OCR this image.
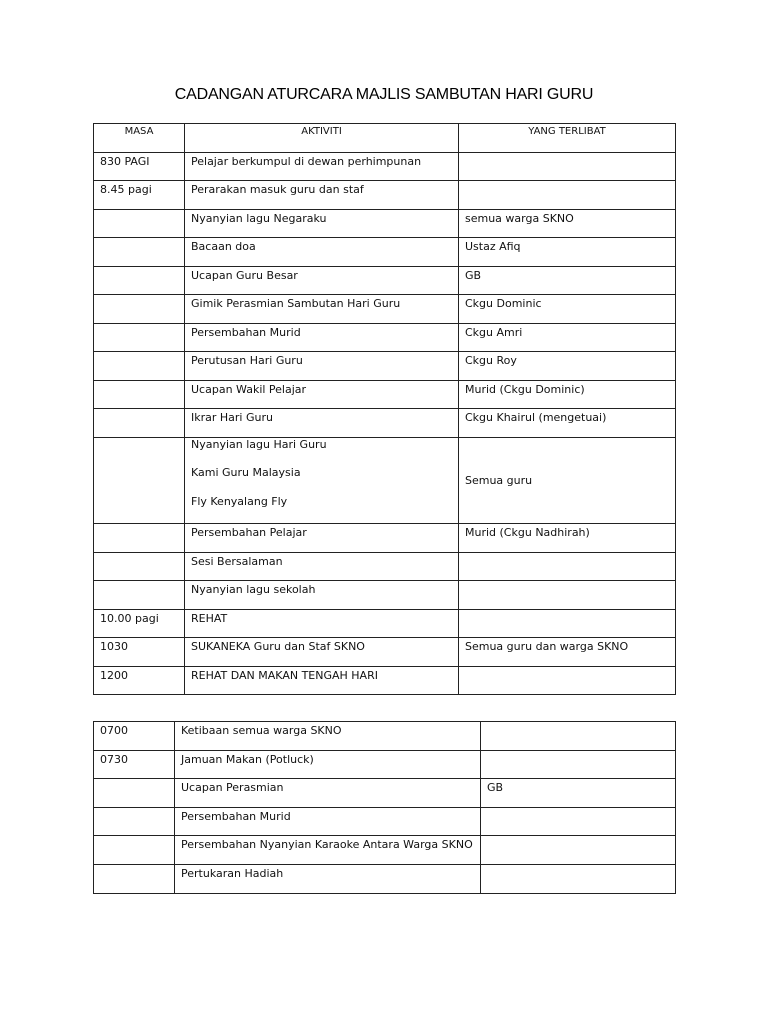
CADANGAN ATURCARA MAJLIS SAMBUTAN HARI GURU
MASA	AKTIVITI	YANG TERLIBAT
830 PAGI	Pelajar berkumpul di dewan perhimpunan	
8.45 pagi	Perarakan masuk guru dan staf	
	Nyanyian lagu Negaraku	semua warga SKNO
	Bacaan doa	Ustaz Afiq
	Ucapan Guru Besar	GB
	Gimik Perasmian Sambutan Hari Guru	Ckgu Dominic
	Persembahan Murid	Ckgu Amri
	Perutusan Hari Guru	Ckgu Roy
	Ucapan Wakil Pelajar	Murid (Ckgu Dominic)
	Ikrar Hari Guru	Ckgu Khairul (mengetuai)

	Nyanyian lagu Hari Guru
Kami Guru Malaysia
Fly Kenyalang Fly	Semua guru
	Persembahan Pelajar	Murid (Ckgu Nadhirah)
	Sesi Bersalaman	
	Nyanyian lagu sekolah	
10.00 pagi	REHAT	
1030	SUKANEKA Guru dan Staf SKNO	Semua guru dan warga SKNO
1200	REHAT DAN MAKAN TENGAH HARI	
0700	Ketibaan semua warga SKNO	
0730	Jamuan Makan (Potluck)	
	Ucapan Perasmian	GB
	Persembahan Murid	
	Persembahan Nyanyian Karaoke Antara Warga SKNO	
	Pertukaran Hadiah	
